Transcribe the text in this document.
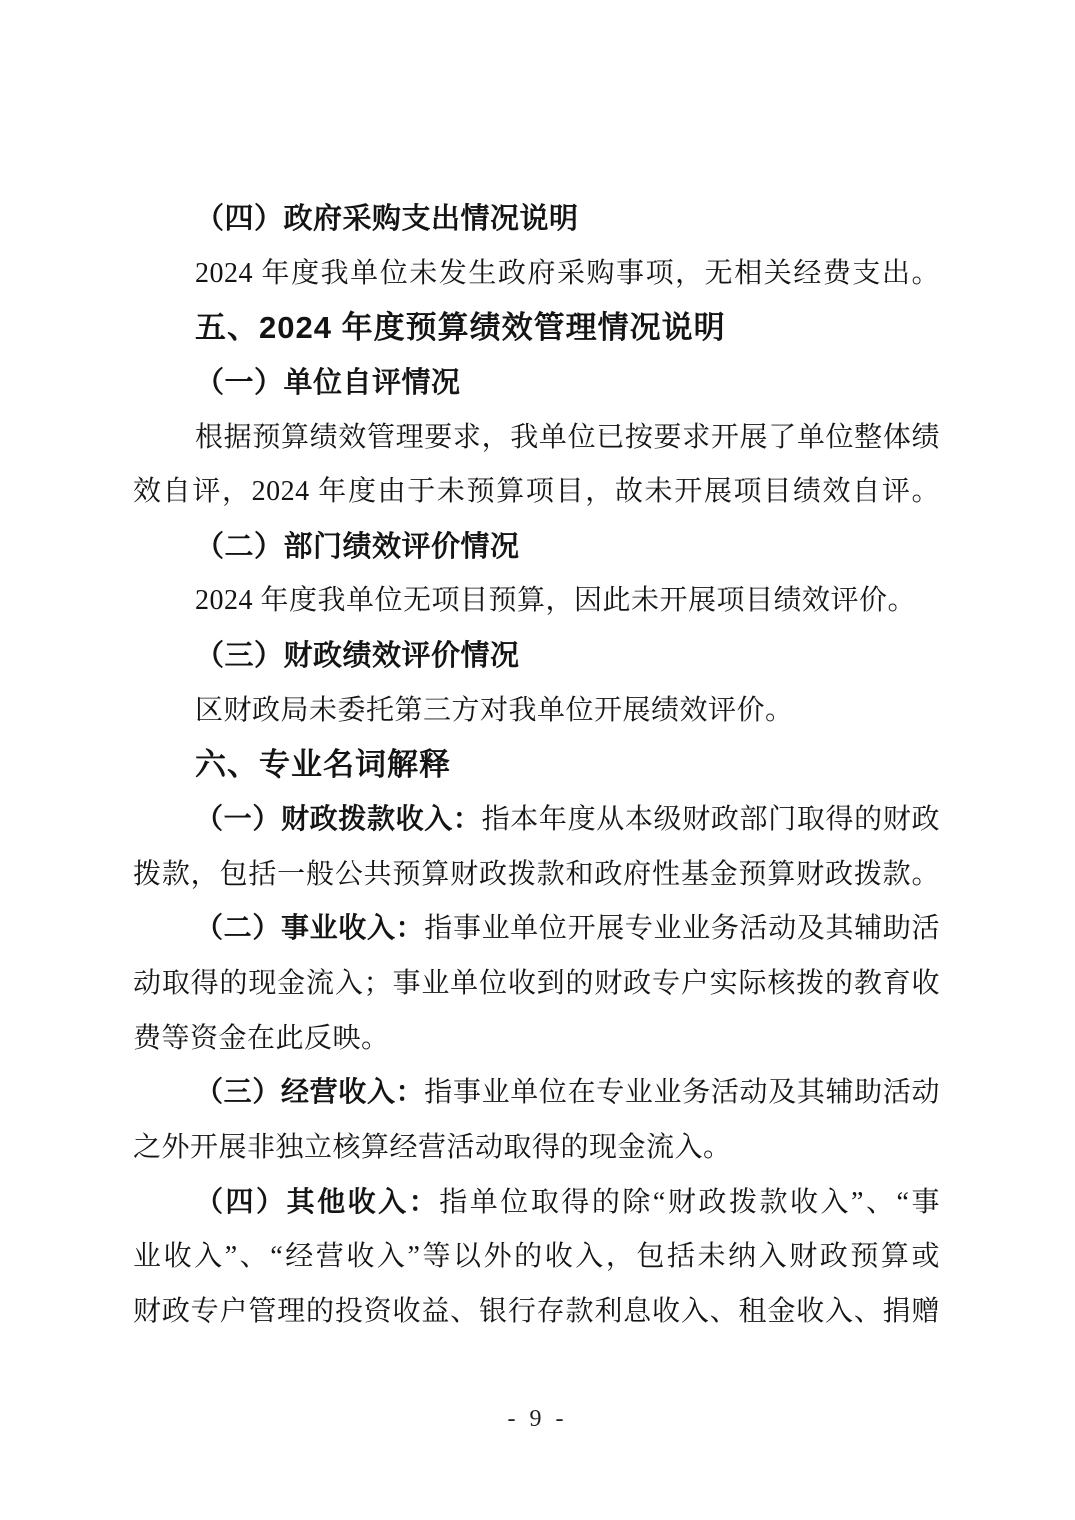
（四）政府采购支出情况说明
2024 年度我单位未发生政府采购事项，无相关经费支出。
五、2024 年度预算绩效管理情况说明
（一）单位自评情况
根据预算绩效管理要求，我单位已按要求开展了单位整体绩
效自评，2024 年度由于未预算项目，故未开展项目绩效自评。
（二）部门绩效评价情况
2024 年度我单位无项目预算，因此未开展项目绩效评价。
（三）财政绩效评价情况
区财政局未委托第三方对我单位开展绩效评价。
六、专业名词解释
（一）财政拨款收入：指本年度从本级财政部门取得的财政
拨款，包括一般公共预算财政拨款和政府性基金预算财政拨款。
（二）事业收入：指事业单位开展专业业务活动及其辅助活
动取得的现金流入；事业单位收到的财政专户实际核拨的教育收
费等资金在此反映。
（三）经营收入：指事业单位在专业业务活动及其辅助活动
之外开展非独立核算经营活动取得的现金流入。
（四）其他收入：指单位取得的除“财政拨款收入”、“事
业收入”、“经营收入”等以外的收入，包括未纳入财政预算或
财政专户管理的投资收益、银行存款利息收入、租金收入、捐赠
- 9 -
